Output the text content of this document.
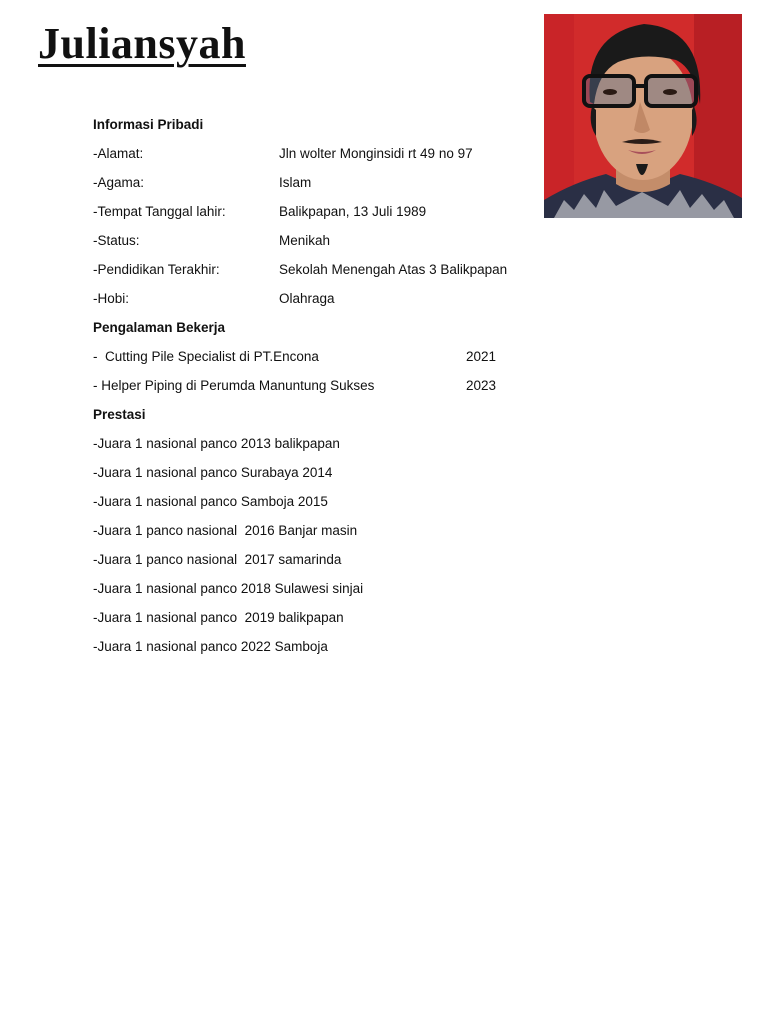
Juliansyah
Informasi Pribadi

-Alamat:

	Jln wolter Monginsidi rt 49 no 97

-Agama:

	Islam

-Tempat Tanggal lahir:

	Balikpapan, 13 Juli 1989

-Status:

	Menikah

-Pendidikan Terakhir:

	Sekolah Menengah Atas 3 Balikpapan

-Hobi:

	Olahraga

Pengalaman Bekerja

-  Cutting Pile Specialist di PT.Encona

	2021

- Helper Piping di Perumda Manuntung Sukses

	2023

Prestasi
-Juara 1 nasional panco 2013 balikpapan
-Juara 1 nasional panco Surabaya 2014
-Juara 1 nasional panco Samboja 2015
-Juara 1 panco nasional  2016 Banjar masin
-Juara 1 panco nasional  2017 samarinda
-Juara 1 nasional panco 2018 Sulawesi sinjai
-Juara 1 nasional panco  2019 balikpapan
-Juara 1 nasional panco 2022 Samboja
